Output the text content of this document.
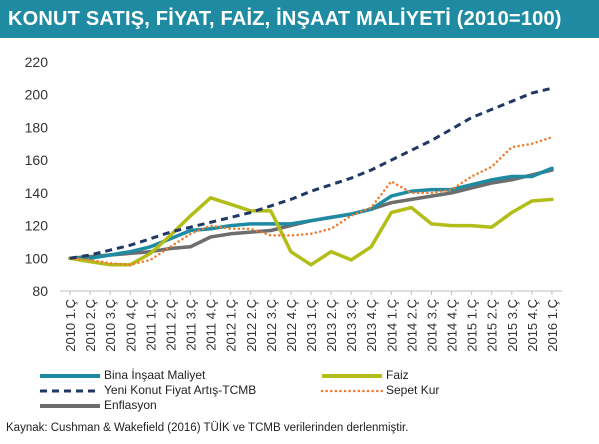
KONUT SATIŞ, FİYAT, FAİZ, İNŞAAT MALİYETİ (2010=100)
80
100
120
140
160
180
200
220
2010 1.Ç 2010 2.Ç 2010 3.Ç 2010 4.Ç 2011 1.Ç 2011 2.Ç 2011 3.Ç 2011 4.Ç 2012 1.Ç 2012 2.Ç 2012 3.Ç 2012 4.Ç 2013 1.Ç 2013 2.Ç 2013 3.Ç 2013 4.Ç 2014 1.Ç 2014 2.Ç 2014 3.Ç 2014 4.Ç 2015 1.Ç 2015 2.Ç 2015 3.Ç 2015 4.Ç 2016 1.Ç
Bina İnşaat Maliyet	Faiz
Yeni Konut Fiyat Artış-TCMB	Sepet Kur
Enflasyon
Kaynak: Cushman & Wakefield (2016) TÜİK ve TCMB verilerinden derlenmiştir.
